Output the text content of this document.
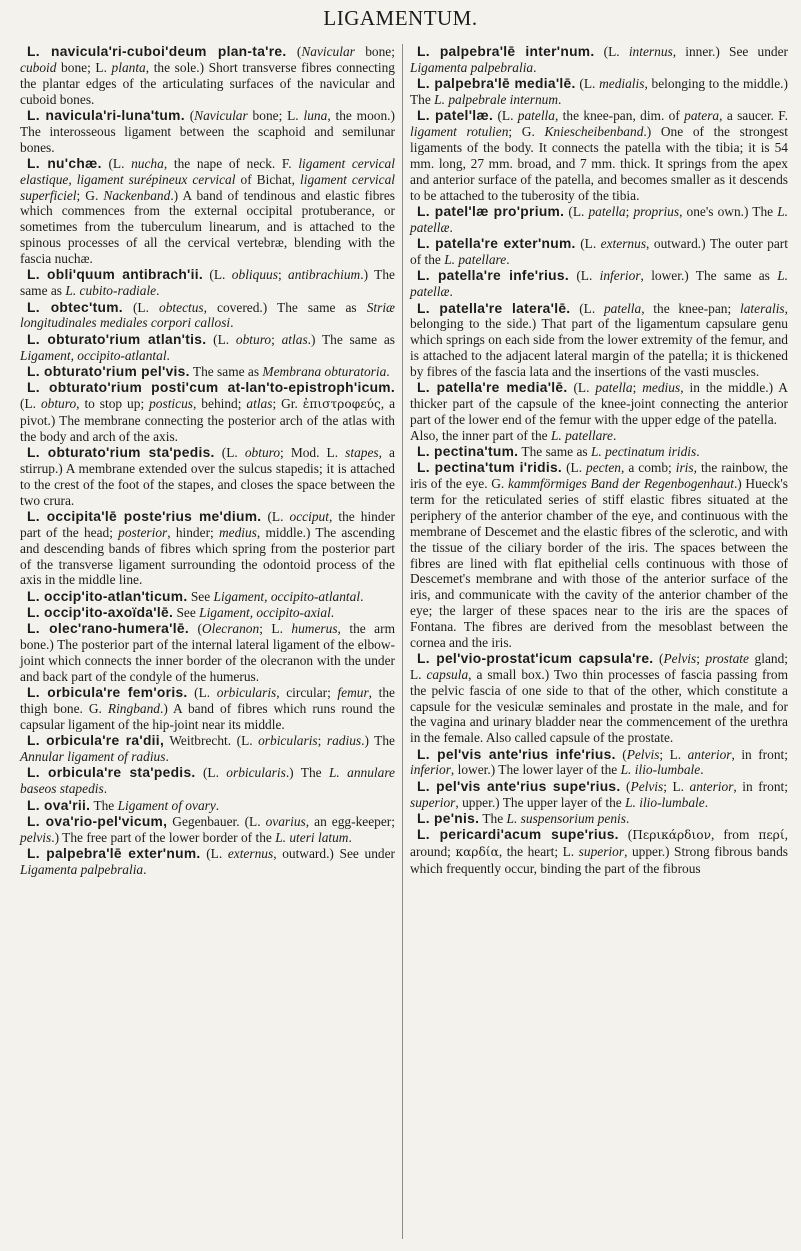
LIGAMENTUM.

L. navicula'ri-cuboi'deum plan-ta're. (Navicular bone; cuboid bone; L. planta, the sole.) Short transverse fibres connecting the plantar edges of the articulating surfaces of the navicular and cuboid bones.

L. navicula'ri-luna'tum. (Navicular bone; L. luna, the moon.) The interosseous ligament between the scaphoid and semilunar bones.

L. nu'chæ. (L. nucha, the nape of neck. F. ligament cervical elastique, ligament surépineux cervical of Bichat, ligament cervical superficiel; G. Nackenband.) A band of tendinous and elastic fibres which commences from the external occipital protuberance, or sometimes from the tuberculum linearum, and is attached to the spinous processes of all the cervical vertebræ, blending with the fascia nuchæ.

L. obli'quum antibrach'ii. (L. obliquus; antibrachium.) The same as L. cubito-radiale.

L. obtec'tum. (L. obtectus, covered.) The same as Striæ longitudinales mediales corpori callosi.

L. obturato'rium atlan'tis. (L. obturo; atlas.) The same as Ligament, occipito-atlantal.

L. obturato'rium pel'vis. The same as Membrana obturatoria.

L. obturato'rium posti'cum at-lan'to-epistroph'icum. (L. obturo, to stop up; posticus, behind; atlas; Gr. ἐπιστροφεύς, a pivot.) The membrane connecting the posterior arch of the atlas with the body and arch of the axis.

L. obturato'rium sta'pedis. (L. obturo; Mod. L. stapes, a stirrup.) A membrane extended over the sulcus stapedis; it is attached to the crest of the foot of the stapes, and closes the space between the two crura.

L. occipita'lē poste'rius me'dium. (L. occiput, the hinder part of the head; posterior, hinder; medius, middle.) The ascending and descending bands of fibres which spring from the posterior part of the transverse ligament surrounding the odontoid process of the axis in the middle line.

L. occip'ito-atlan'ticum. See Ligament, occipito-atlantal.

L. occip'ito-axoïda'lē. See Ligament, occipito-axial.

L. olec'rano-humera'lē. (Olecranon; L. humerus, the arm bone.) The posterior part of the internal lateral ligament of the elbow-joint which connects the inner border of the olecranon with the under and back part of the condyle of the humerus.

L. orbicula're fem'oris. (L. orbicularis, circular; femur, the thigh bone. G. Ringband.) A band of fibres which runs round the capsular ligament of the hip-joint near its middle.

L. orbicula're ra'dii, Weitbrecht. (L. orbicularis; radius.) The Annular ligament of radius.

L. orbicula're sta'pedis. (L. orbicularis.) The L. annulare baseos stapedis.

L. ova'rii. The Ligament of ovary.

L. ova'rio-pel'vicum, Gegenbauer. (L. ovarius, an egg-keeper; pelvis.) The free part of the lower border of the L. uteri latum.

L. palpebra'lē exter'num. (L. externus, outward.) See under Ligamenta palpebralia.

L. palpebra'lē inter'num. (L. internus, inner.) See under Ligamenta palpebralia.

L. palpebra'lē media'lē. (L. medialis, belonging to the middle.) The L. palpebrale internum.

L. patel'læ. (L. patella, the knee-pan, dim. of patera, a saucer. F. ligament rotulien; G. Kniescheibenband.) One of the strongest ligaments of the body. It connects the patella with the tibia; it is 54 mm. long, 27 mm. broad, and 7 mm. thick. It springs from the apex and anterior surface of the patella, and becomes smaller as it descends to be attached to the tuberosity of the tibia.

L. patel'læ pro'prium. (L. patella; proprius, one's own.) The L. patellæ.

L. patella're exter'num. (L. externus, outward.) The outer part of the L. patellare.

L. patella're infe'rius. (L. inferior, lower.) The same as L. patellæ.

L. patella're latera'lē. (L. patella, the knee-pan; lateralis, belonging to the side.) That part of the ligamentum capsulare genu which springs on each side from the lower extremity of the femur, and is attached to the adjacent lateral margin of the patella; it is thickened by fibres of the fascia lata and the insertions of the vasti muscles.

L. patella're media'lē. (L. patella; medius, in the middle.) A thicker part of the capsule of the knee-joint connecting the anterior part of the lower end of the femur with the upper edge of the patella.
Also, the inner part of the L. patellare.

L. pectina'tum. The same as L. pectinatum iridis.

L. pectina'tum i'ridis. (L. pecten, a comb; iris, the rainbow, the iris of the eye. G. kammförmiges Band der Regenbogenhaut.) Hueck's term for the reticulated series of stiff elastic fibres situated at the periphery of the anterior chamber of the eye, and continuous with the membrane of Descemet and the elastic fibres of the sclerotic, and with the tissue of the ciliary border of the iris. The spaces between the fibres are lined with flat epithelial cells continuous with those of Descemet's membrane and with those of the anterior surface of the iris, and communicate with the cavity of the anterior chamber of the eye; the larger of these spaces near to the iris are the spaces of Fontana. The fibres are derived from the mesoblast between the cornea and the iris.

L. pel'vio-prostat'icum capsula're. (Pelvis; prostate gland; L. capsula, a small box.) Two thin processes of fascia passing from the pelvic fascia of one side to that of the other, which constitute a capsule for the vesiculæ seminales and prostate in the male, and for the vagina and urinary bladder near the commencement of the urethra in the female. Also called capsule of the prostate.

L. pel'vis ante'rius infe'rius. (Pelvis; L. anterior, in front; inferior, lower.) The lower layer of the L. ilio-lumbale.

L. pel'vis ante'rius supe'rius. (Pelvis; L. anterior, in front; superior, upper.) The upper layer of the L. ilio-lumbale.

L. pe'nis. The L. suspensorium penis.

L. pericardi'acum supe'rius. (Περικάρδιον, from περί, around; καρδία, the heart; L. superior, upper.) Strong fibrous bands which frequently occur, binding the part of the fibrous
